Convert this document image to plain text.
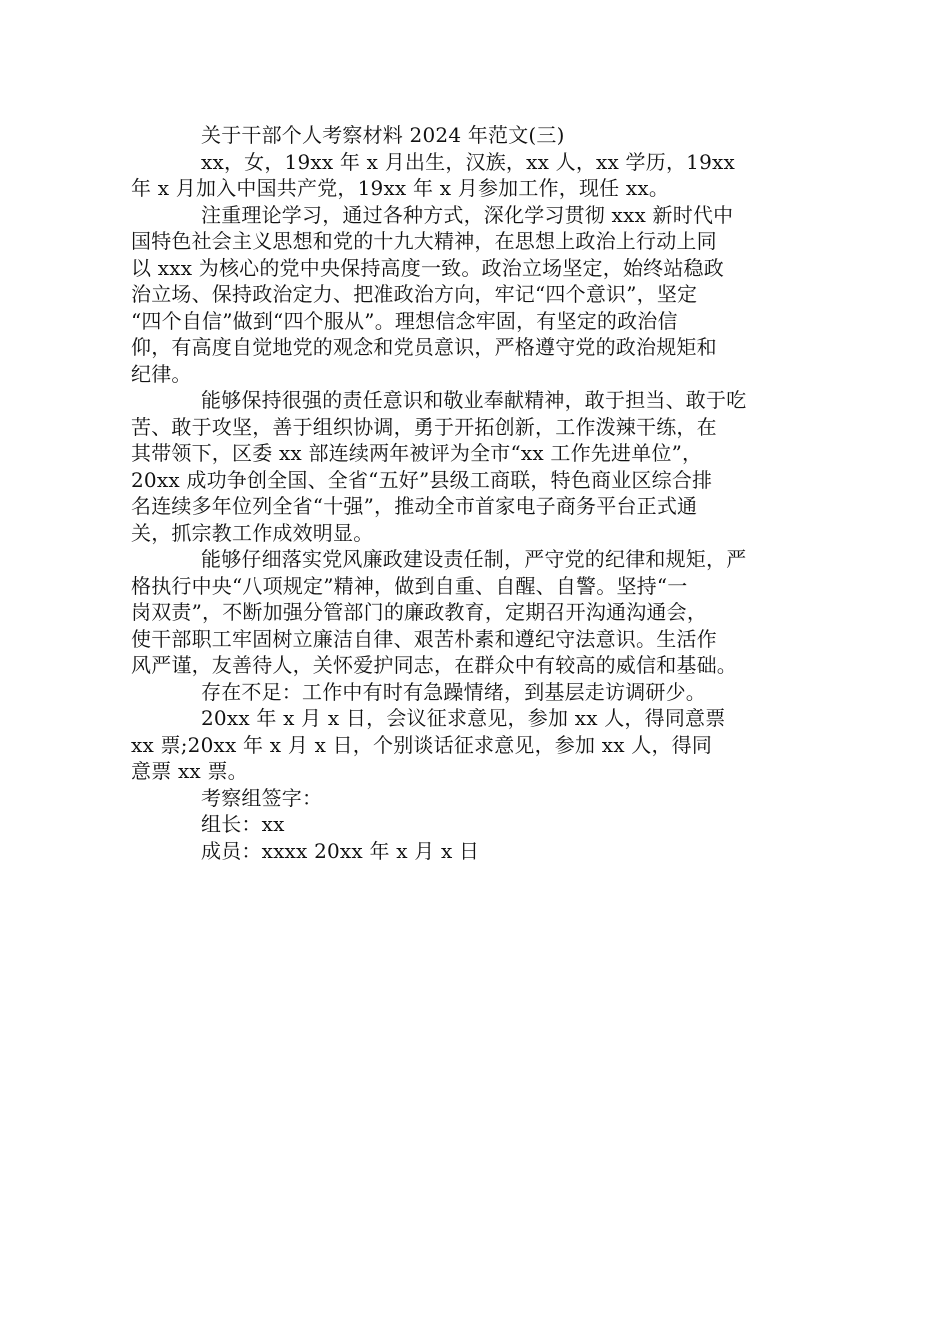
关于干部个人考察材料 2024 年范文(三)

xx，女，19xx 年 x 月出生，汉族，xx 人，xx 学历，19xx

年 x 月加入中国共产党，19xx 年 x 月参加工作，现任 xx。

注重理论学习，通过各种方式，深化学习贯彻 xxx 新时代中

国特色社会主义思想和党的十九大精神，在思想上政治上行动上同

以 xxx 为核心的党中央保持高度一致。政治立场坚定，始终站稳政

治立场、保持政治定力、把准政治方向，牢记“四个意识”，坚定

“四个自信”做到“四个服从”。理想信念牢固，有坚定的政治信

仰，有高度自觉地党的观念和党员意识，严格遵守党的政治规矩和

纪律。

能够保持很强的责任意识和敬业奉献精神，敢于担当、敢于吃

苦、敢于攻坚，善于组织协调，勇于开拓创新，工作泼辣干练，在

其带领下，区委 xx 部连续两年被评为全市“xx 工作先进单位”，

20xx 成功争创全国、全省“五好”县级工商联，特色商业区综合排

名连续多年位列全省“十强”，推动全市首家电子商务平台正式通

关，抓宗教工作成效明显。

能够仔细落实党风廉政建设责任制，严守党的纪律和规矩，严

格执行中央“八项规定”精神，做到自重、自醒、自警。坚持“一

岗双责”，不断加强分管部门的廉政教育，定期召开沟通沟通会，

使干部职工牢固树立廉洁自律、艰苦朴素和遵纪守法意识。生活作

风严谨，友善待人，关怀爱护同志，在群众中有较高的威信和基础。

存在不足：工作中有时有急躁情绪，到基层走访调研少。

20xx 年 x 月 x 日，会议征求意见，参加 xx 人，得同意票

xx 票;20xx 年 x 月 x 日，个别谈话征求意见，参加 xx 人，得同

意票 xx 票。

考察组签字：

组长：xx

成员：xxxx 20xx 年 x 月 x 日
